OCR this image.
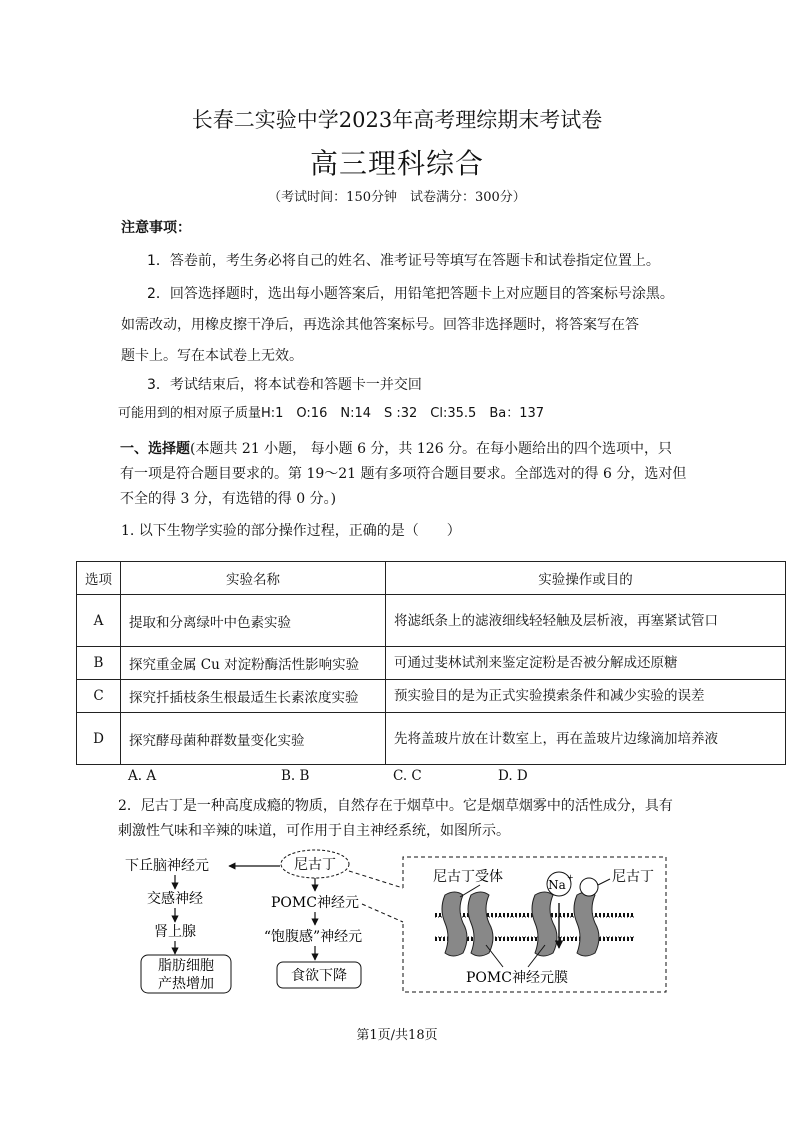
长春二实验中学2023年高考理综期末考试卷
高三理科综合
（考试时间：150分钟　试卷满分：300分）
注意事项：
1．答卷前，考生务必将自己的姓名、准考证号等填写在答题卡和试卷指定位置上。
2．回答选择题时，选出每小题答案后，用铅笔把答题卡上对应题目的答案标号涂黑。
如需改动，用橡皮擦干净后，再选涂其他答案标号。回答非选择题时，将答案写在答
题卡上。写在本试卷上无效。
3．考试结束后，将本试卷和答题卡一并交回
可能用到的相对原子质量H:1　O:16　N:14　S :32　Cl:35.5　Ba：137
一、选择题(本题共 21 小题， 每小题 6 分，共 126 分。在每小题给出的四个选项中，只
有一项是符合题目要求的。第 19～21 题有多项符合题目要求。全部选对的得 6 分，选对但
不全的得 3 分，有选错的得 0 分。)
1. 以下生物学实验的部分操作过程，正确的是（　　）
选项	实验名称	实验操作或目的
A	提取和分离绿叶中色素实验	将滤纸条上的滤液细线轻轻触及层析液，再塞紧试管口
B	探究重金属 Cu 对淀粉酶活性影响实验	可通过斐林试剂来鉴定淀粉是否被分解成还原糖
C	探究扦插枝条生根最适生长素浓度实验	预实验目的是为正式实验摸索条件和减少实验的误差
D	探究酵母菌种群数量变化实验	先将盖玻片放在计数室上，再在盖玻片边缘滴加培养液
A. A	B. B	C. C	D. D
2．尼古丁是一种高度成瘾的物质，自然存在于烟草中。它是烟草烟雾中的活性成分，具有
刺激性气味和辛辣的味道，可作用于自主神经系统，如图所示。
下丘脑神经元	尼古丁
交感神经
肾上腺
脂肪细胞
产热增加
POMC神经元
“饱腹感”神经元
食欲下降
尼古丁受体	Na
+	尼古丁
POMC神经元膜
第1页/共18页
